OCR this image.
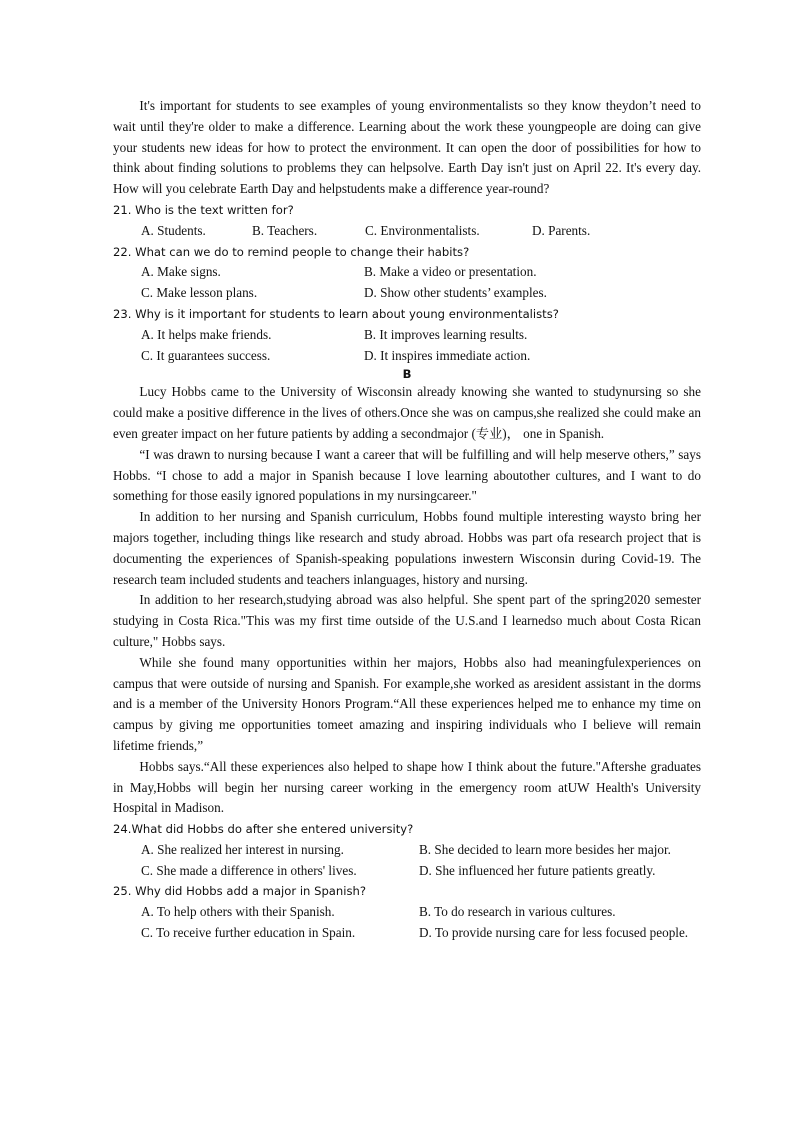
It's important for students to see examples of young environmentalists so they know theydon’t need to wait until they're older to make a difference. Learning about the work these youngpeople are doing can give your students new ideas for how to protect the environment. It can open the door of possibilities for how to think about finding solutions to problems they can helpsolve. Earth Day isn't just on April 22. It's every day. How will you celebrate Earth Day and helpstudents make a difference year-round?

21. Who is the text written for?

A. Students.	B. Teachers.	C. Environmentalists.	D. Parents.

22. What can we do to remind people to change their habits?

A. Make signs.	B. Make a video or presentation.
C. Make lesson plans.	D. Show other students’ examples.

23. Why is it important for students to learn about young environmentalists?

A. It helps make friends.	B. It improves learning results.
C. It guarantees success.	D. It inspires immediate action.

B

Lucy Hobbs came to the University of Wisconsin already knowing she wanted to studynursing so she could make a positive difference in the lives of others.Once she was on campus,she realized she could make an even greater impact on her future patients by adding a secondmajor (专业)， one in Spanish.

“I was drawn to nursing because I want a career that will be fulfilling and will help meserve others,” says Hobbs. “I chose to add a major in Spanish because I love learning aboutother cultures, and I want to do something for those easily ignored populations in my nursingcareer."

In addition to her nursing and Spanish curriculum, Hobbs found multiple interesting waysto bring her majors together, including things like research and study abroad. Hobbs was part ofa research project that is documenting the experiences of Spanish-speaking populations inwestern Wisconsin during Covid-19. The research team included students and teachers inlanguages, history and nursing.

In addition to her research,studying abroad was also helpful. She spent part of the spring2020 semester studying in Costa Rica."This was my first time outside of the U.S.and I learnedso much about Costa Rican culture," Hobbs says.

While she found many opportunities within her majors, Hobbs also had meaningfulexperiences on campus that were outside of nursing and Spanish. For example,she worked as aresident assistant in the dorms and is a member of the University Honors Program.“All these experiences helped me to enhance my time on campus by giving me opportunities tomeet amazing and inspiring individuals who I believe will remain lifetime friends,”

Hobbs says.“All these experiences also helped to shape how I think about the future."Aftershe graduates in May,Hobbs will begin her nursing career working in the emergency room atUW Health's University Hospital in Madison.

24.What did Hobbs do after she entered university?

A. She realized her interest in nursing.	B. She decided to learn more besides her major.
C. She made a difference in others' lives.	D. She influenced her future patients greatly.

25. Why did Hobbs add a major in Spanish?

A. To help others with their Spanish.	B. To do research in various cultures.
C. To receive further education in Spain.	D. To provide nursing care for less focused people.
